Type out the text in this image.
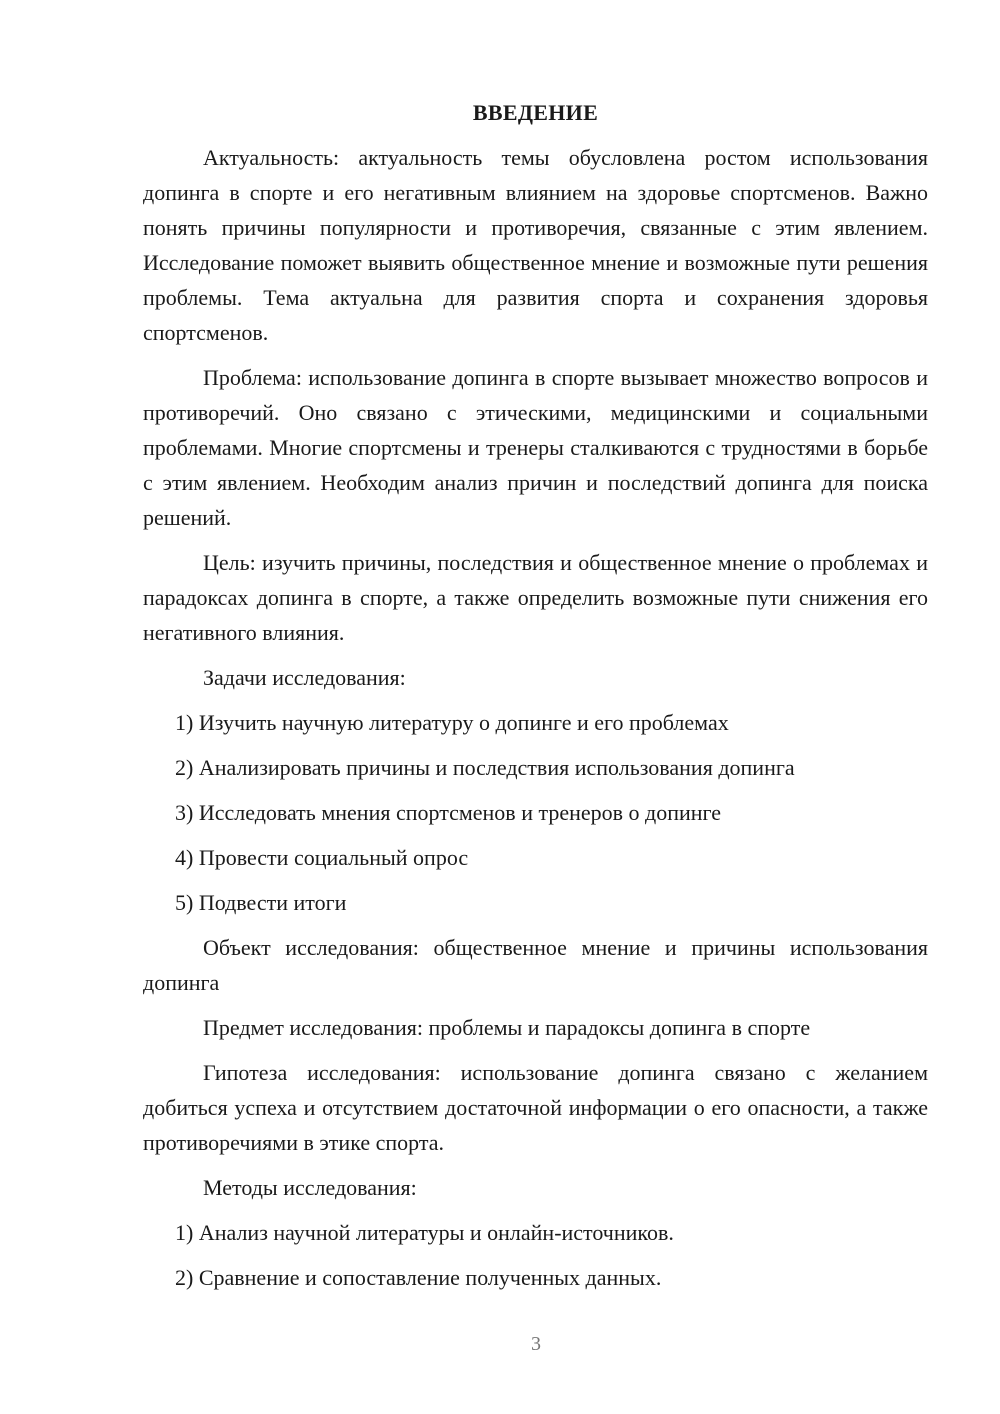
ВВЕДЕНИЕ

Актуальность: актуальность темы обусловлена ростом использования допинга в спорте и его негативным влиянием на здоровье спортсменов. Важно понять причины популярности и противоречия, связанные с этим явлением. Исследование поможет выявить общественное мнение и возможные пути решения проблемы. Тема актуальна для развития спорта и сохранения здоровья спортсменов.

Проблема: использование допинга в спорте вызывает множество вопросов и противоречий. Оно связано с этическими, медицинскими и социальными проблемами. Многие спортсмены и тренеры сталкиваются с трудностями в борьбе с этим явлением. Необходим анализ причин и последствий допинга для поиска решений.

Цель: изучить причины, последствия и общественное мнение о проблемах и парадоксах допинга в спорте, а также определить возможные пути снижения его негативного влияния.

Задачи исследования:

1) Изучить научную литературу о допинге и его проблемах
2) Анализировать причины и последствия использования допинга
3) Исследовать мнения спортсменов и тренеров о допинге
4) Провести социальный опрос
5) Подвести итоги

Объект исследования: общественное мнение и причины использования допинга

Предмет исследования: проблемы и парадоксы допинга в спорте

Гипотеза исследования: использование допинга связано с желанием добиться успеха и отсутствием достаточной информации о его опасности, а также противоречиями в этике спорта.

Методы исследования:

1) Анализ научной литературы и онлайн-источников.
2) Сравнение и сопоставление полученных данных.
3
